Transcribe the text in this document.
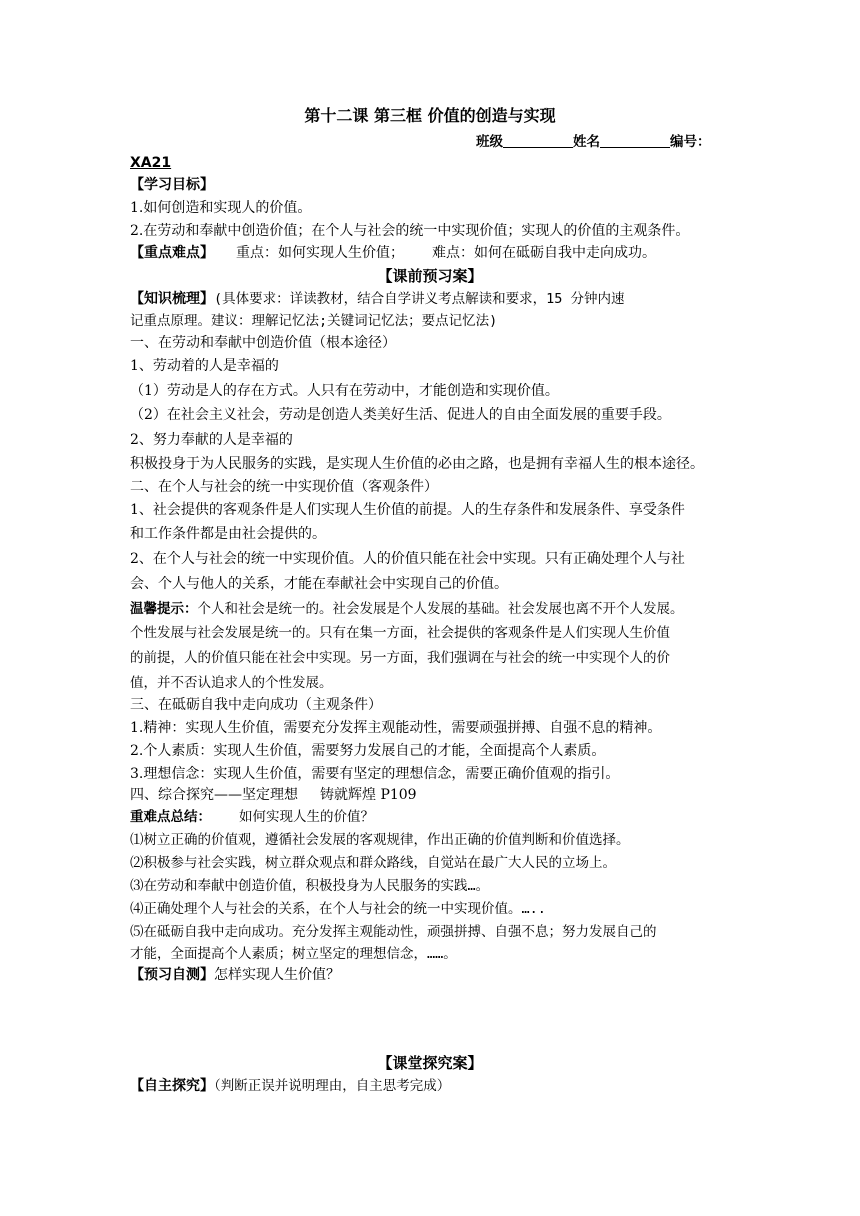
第十二课 第三框 价值的创造与实现
班级	姓名	编号：
XA21
【学习目标】
1.如何创造和实现人的价值。
2.在劳动和奉献中创造价值；在个人与社会的统一中实现价值；实现人的价值的主观条件。
【重点难点】 重点：如何实现人生价值； 难点：如何在砥砺自我中走向成功。
【课前预习案】
【知识梳理】(具体要求：详读教材，结合自学讲义考点解读和要求，15 分钟内速
记重点原理。建议：理解记忆法;关键词记忆法；要点记忆法)
一、在劳动和奉献中创造价值（根本途径）
1、劳动着的人是幸福的
（1）劳动是人的存在方式。人只有在劳动中，才能创造和实现价值。
（2）在社会主义社会，劳动是创造人类美好生活、促进人的自由全面发展的重要手段。
2、努力奉献的人是幸福的
积极投身于为人民服务的实践，是实现人生价值的必由之路，也是拥有幸福人生的根本途径。
二、在个人与社会的统一中实现价值（客观条件）
1、社会提供的客观条件是人们实现人生价值的前提。人的生存条件和发展条件、享受条件
和工作条件都是由社会提供的。
2、在个人与社会的统一中实现价值。人的价值只能在社会中实现。只有正确处理个人与社
会、个人与他人的关系，才能在奉献社会中实现自己的价值。
温馨提示：个人和社会是统一的。社会发展是个人发展的基础。社会发展也离不开个人发展。
个性发展与社会发展是统一的。只有在集一方面，社会提供的客观条件是人们实现人生价值
的前提，人的价值只能在社会中实现。另一方面，我们强调在与社会的统一中实现个人的价
值，并不否认追求人的个性发展。
三、在砥砺自我中走向成功（主观条件）
1.精神：实现人生价值，需要充分发挥主观能动性，需要顽强拼搏、自强不息的精神。
2.个人素质：实现人生价值，需要努力发展自己的才能，全面提高个人素质。
3.理想信念：实现人生价值，需要有坚定的理想信念，需要正确价值观的指引。
四、综合探究——坚定理想 铸就辉煌 P109
重难点总结： 如何实现人生的价值？
⑴树立正确的价值观，遵循社会发展的客观规律，作出正确的价值判断和价值选择。
⑵积极参与社会实践，树立群众观点和群众路线，自觉站在最广大人民的立场上。
⑶在劳动和奉献中创造价值，积极投身为人民服务的实践…。
⑷正确处理个人与社会的关系，在个人与社会的统一中实现价值。…..
⑸在砥砺自我中走向成功。充分发挥主观能动性，顽强拼搏、自强不息；努力发展自己的
才能，全面提高个人素质；树立坚定的理想信念，……。
【预习自测】怎样实现人生价值？
【课堂探究案】
【自主探究】（判断正误并说明理由，自主思考完成）
